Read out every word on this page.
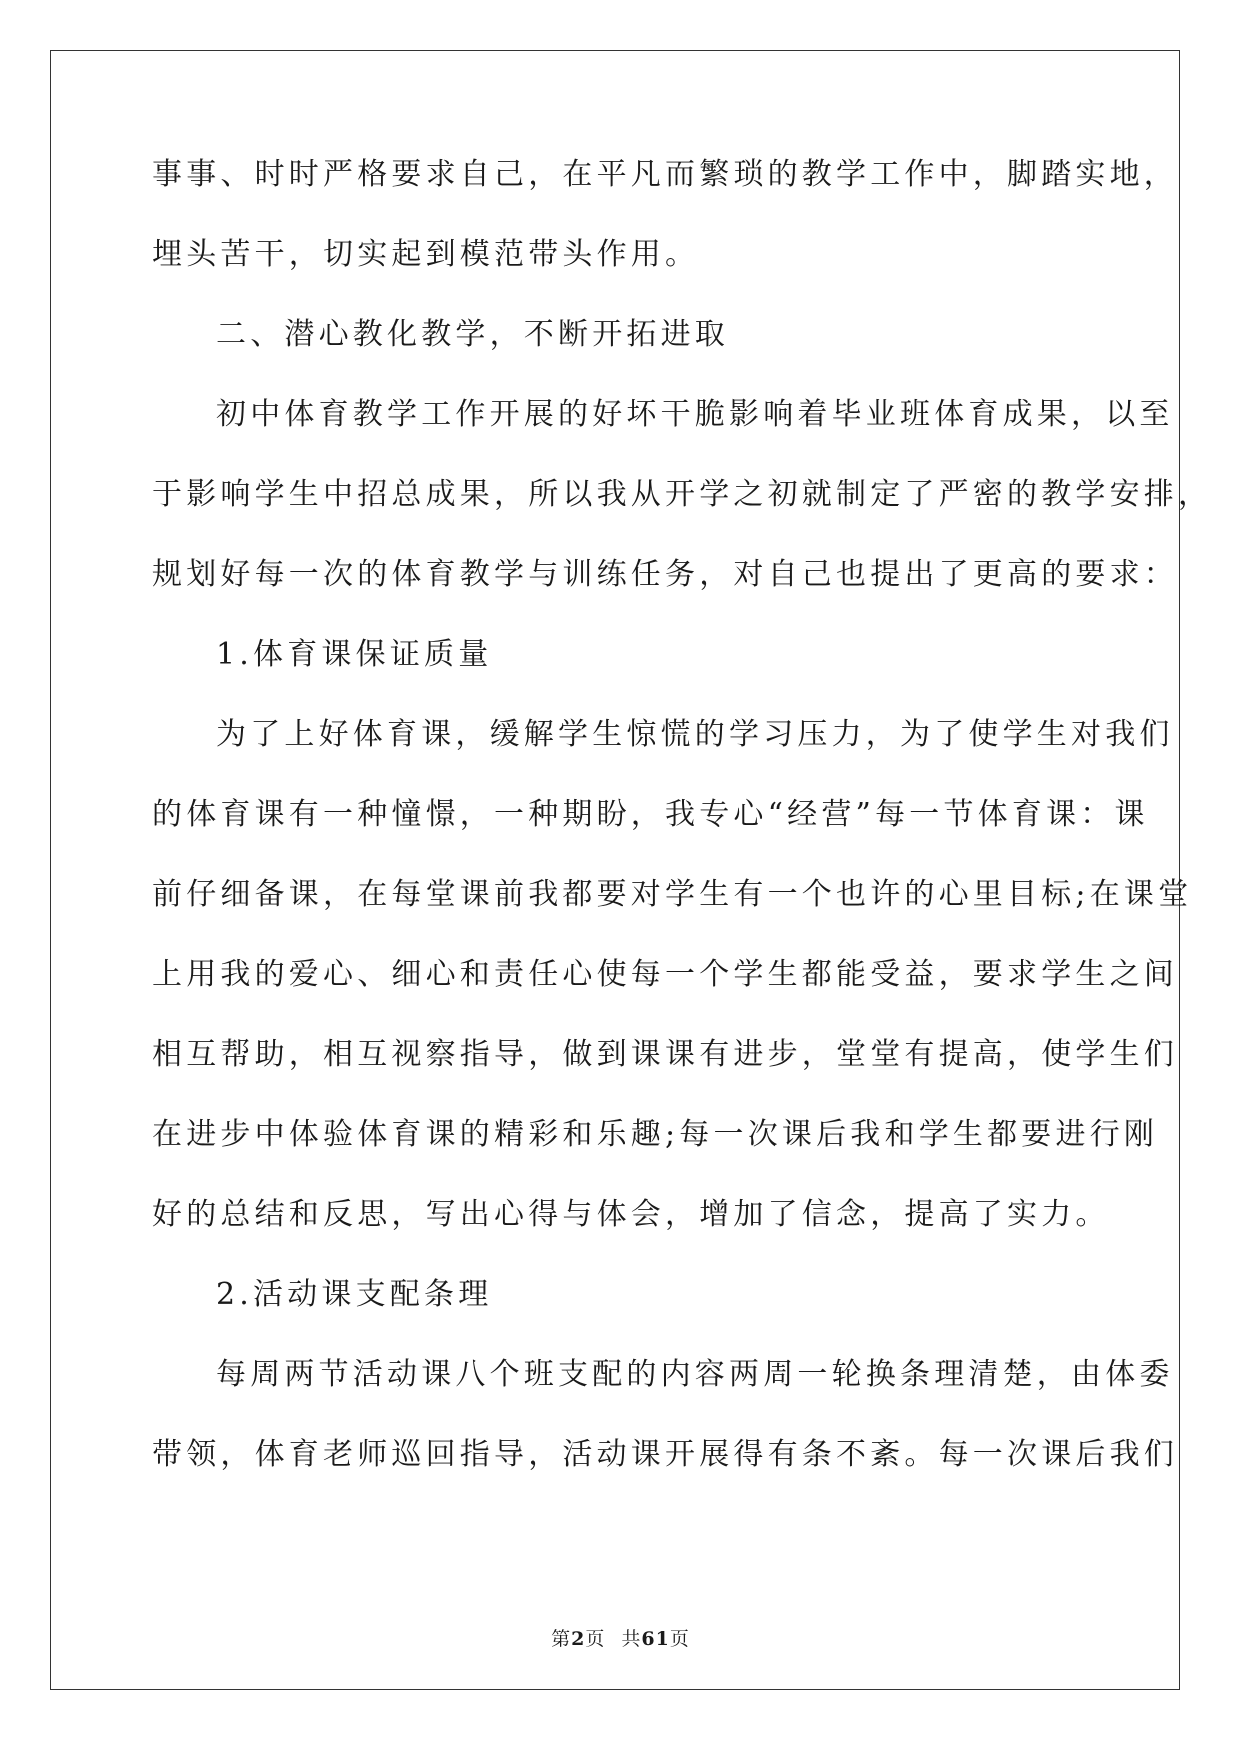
事事、时时严格要求自己，在平凡而繁琐的教学工作中，脚踏实地，
埋头苦干，切实起到模范带头作用。
二、潜心教化教学，不断开拓进取
初中体育教学工作开展的好坏干脆影响着毕业班体育成果，以至
于影响学生中招总成果，所以我从开学之初就制定了严密的教学安排，
规划好每一次的体育教学与训练任务，对自己也提出了更高的要求：
1.体育课保证质量
为了上好体育课，缓解学生惊慌的学习压力，为了使学生对我们
的体育课有一种憧憬，一种期盼，我专心“经营”每一节体育课：课
前仔细备课，在每堂课前我都要对学生有一个也许的心里目标;在课堂
上用我的爱心、细心和责任心使每一个学生都能受益，要求学生之间
相互帮助，相互视察指导，做到课课有进步，堂堂有提高，使学生们
在进步中体验体育课的精彩和乐趣;每一次课后我和学生都要进行刚
好的总结和反思，写出心得与体会，增加了信念，提高了实力。
2.活动课支配条理
每周两节活动课八个班支配的内容两周一轮换条理清楚，由体委
带领，体育老师巡回指导，活动课开展得有条不紊。每一次课后我们
第2页 共61页
